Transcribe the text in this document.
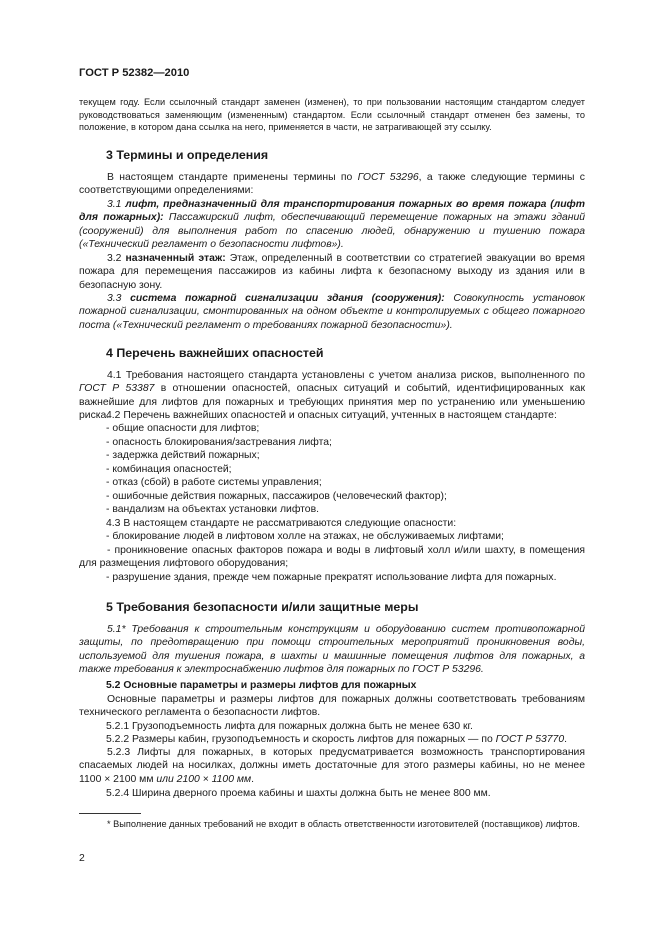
ГОСТ Р 52382—2010
текущем году. Если ссылочный стандарт заменен (изменен), то при пользовании настоящим стандартом следует руководствоваться заменяющим (измененным) стандартом. Если ссылочный стандарт отменен без замены, то положение, в котором дана ссылка на него, применяется в части, не затрагивающей эту ссылку.
3 Термины и определения
В настоящем стандарте применены термины по ГОСТ 53296, а также следующие термины с соответствующими определениями:
3.1 лифт, предназначенный для транспортирования пожарных во время пожара (лифт для пожарных): Пассажирский лифт, обеспечивающий перемещение пожарных на этажи зданий (сооружений) для выполнения работ по спасению людей, обнаружению и тушению пожара («Технический регламент о безопасности лифтов»).
3.2 назначенный этаж: Этаж, определенный в соответствии со стратегией эвакуации во время пожара для перемещения пассажиров из кабины лифта к безопасному выходу из здания или в безопасную зону.
3.3 система пожарной сигнализации здания (сооружения): Совокупность установок пожарной сигнализации, смонтированных на одном объекте и контролируемых с общего пожарного поста («Технический регламент о требованиях пожарной безопасности»).
4 Перечень важнейших опасностей
4.1 Требования настоящего стандарта установлены с учетом анализа рисков, выполненного по ГОСТ Р 53387 в отношении опасностей, опасных ситуаций и событий, идентифицированных как важнейшие для лифтов для пожарных и требующих принятия мер по устранению или уменьшению риска.
4.2 Перечень важнейших опасностей и опасных ситуаций, учтенных в настоящем стандарте:
- общие опасности для лифтов;
- опасность блокирования/застревания лифта;
- задержка действий пожарных;
- комбинация опасностей;
- отказ (сбой) в работе системы управления;
- ошибочные действия пожарных, пассажиров (человеческий фактор);
- вандализм на объектах установки лифтов.
4.3 В настоящем стандарте не рассматриваются следующие опасности:
- блокирование людей в лифтовом холле на этажах, не обслуживаемых лифтами;
- проникновение опасных факторов пожара и воды в лифтовый холл и/или шахту, в помещения для размещения лифтового оборудования;
- разрушение здания, прежде чем пожарные прекратят использование лифта для пожарных.
5 Требования безопасности и/или защитные меры
5.1* Требования к строительным конструкциям и оборудованию систем противопожарной защиты, по предотвращению при помощи строительных мероприятий проникновения воды, используемой для тушения пожара, в шахты и машинные помещения лифтов для пожарных, а также требования к электроснабжению лифтов для пожарных по ГОСТ Р 53296.
5.2 Основные параметры и размеры лифтов для пожарных
Основные параметры и размеры лифтов для пожарных должны соответствовать требованиям технического регламента о безопасности лифтов.
5.2.1 Грузоподъемность лифта для пожарных должна быть не менее 630 кг.
5.2.2 Размеры кабин, грузоподъемность и скорость лифтов для пожарных — по ГОСТ Р 53770.
5.2.3 Лифты для пожарных, в которых предусматривается возможность транспортирования спасаемых людей на носилках, должны иметь достаточные для этого размеры кабины, но не менее 1100 × 2100 мм или 2100 × 1100 мм.
5.2.4 Ширина дверного проема кабины и шахты должна быть не менее 800 мм.
* Выполнение данных требований не входит в область ответственности изготовителей (поставщиков) лифтов.
2
